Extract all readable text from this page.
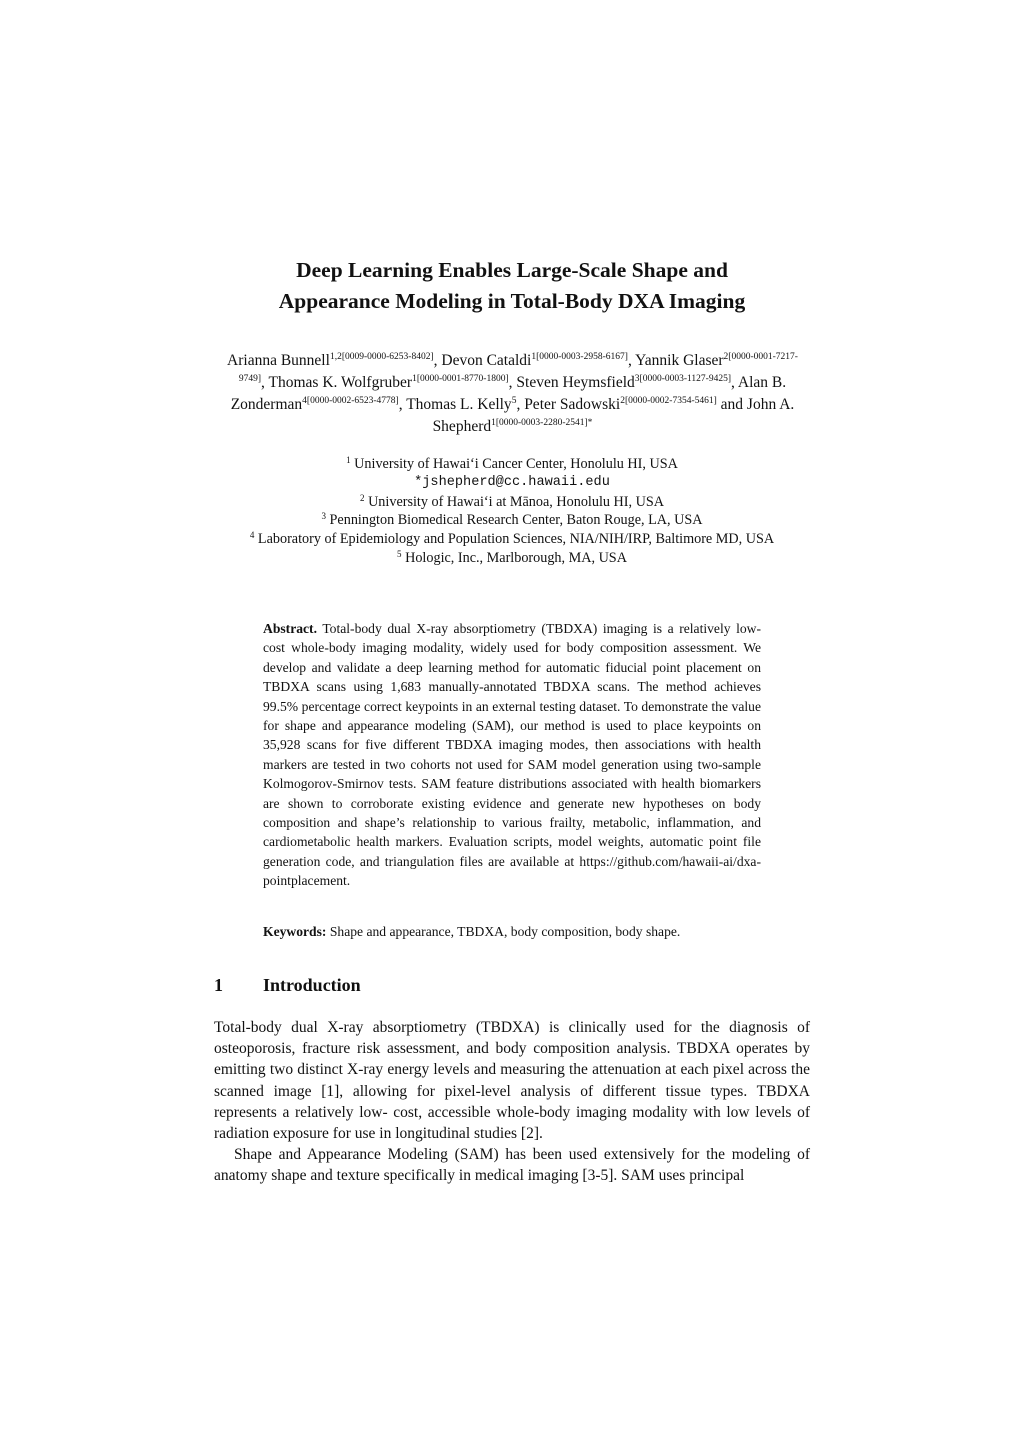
Deep Learning Enables Large-Scale Shape and
Appearance Modeling in Total-Body DXA Imaging
Arianna Bunnell$^{1,2[0009-0000-6253-8402]}$, Devon Cataldi$^{1[0000-0003-2958-6167]}$, Yannik Glaser$^{2[0000-0001-7217-9749]}$, Thomas K. Wolfgruber$^{1[0000-0001-8770-1800]}$, Steven Heymsfield$^{3[0000-0003-1127-9425]}$, Alan B. Zonderman$^{4[0000-0002-6523-4778]}$, Thomas L. Kelly$^5$, Peter Sadowski$^{2[0000-0002-7354-5461]}$ and John A. Shepherd$^{1[0000-0003-2280-2541]*}$
$^1$ University of Hawai‘i Cancer Center, Honolulu HI, USA
*jshepherd@cc.hawaii.edu
$^2$ University of Hawai‘i at Mānoa, Honolulu HI, USA
$^3$ Pennington Biomedical Research Center, Baton Rouge, LA, USA
$^4$ Laboratory of Epidemiology and Population Sciences, NIA/NIH/IRP, Baltimore MD, USA
$^5$ Hologic, Inc., Marlborough, MA, USA
Abstract. Total-body dual X-ray absorptiometry (TBDXA) imaging is a relatively low-cost whole-body imaging modality, widely used for body composition assessment. We develop and validate a deep learning method for automatic fiducial point placement on TBDXA scans using 1,683 manually-annotated TBDXA scans. The method achieves 99.5% percentage correct keypoints in an external testing dataset. To demonstrate the value for shape and appearance modeling (SAM), our method is used to place keypoints on 35,928 scans for five different TBDXA imaging modes, then associations with health markers are tested in two cohorts not used for SAM model generation using two-sample Kolmogorov-Smirnov tests. SAM feature distributions associated with health biomarkers are shown to corroborate existing evidence and generate new hypotheses on body composition and shape’s relationship to various frailty, metabolic, inflammation, and cardiometabolic health markers. Evaluation scripts, model weights, automatic point file generation code, and triangulation files are available at https://github.com/hawaii-ai/dxa-pointplacement.
Keywords: Shape and appearance, TBDXA, body composition, body shape.
1 Introduction

Total-body dual X-ray absorptiometry (TBDXA) is clinically used for the diagnosis of osteoporosis, fracture risk assessment, and body composition analysis. TBDXA operates by emitting two distinct X-ray energy levels and measuring the attenuation at each pixel across the scanned image [1], allowing for pixel-level analysis of different tissue types. TBDXA represents a relatively low- cost, accessible whole-body imaging modality with low levels of radiation exposure for use in longitudinal studies [2].

Shape and Appearance Modeling (SAM) has been used extensively for the modeling of anatomy shape and texture specifically in medical imaging [3-5]. SAM uses principal
